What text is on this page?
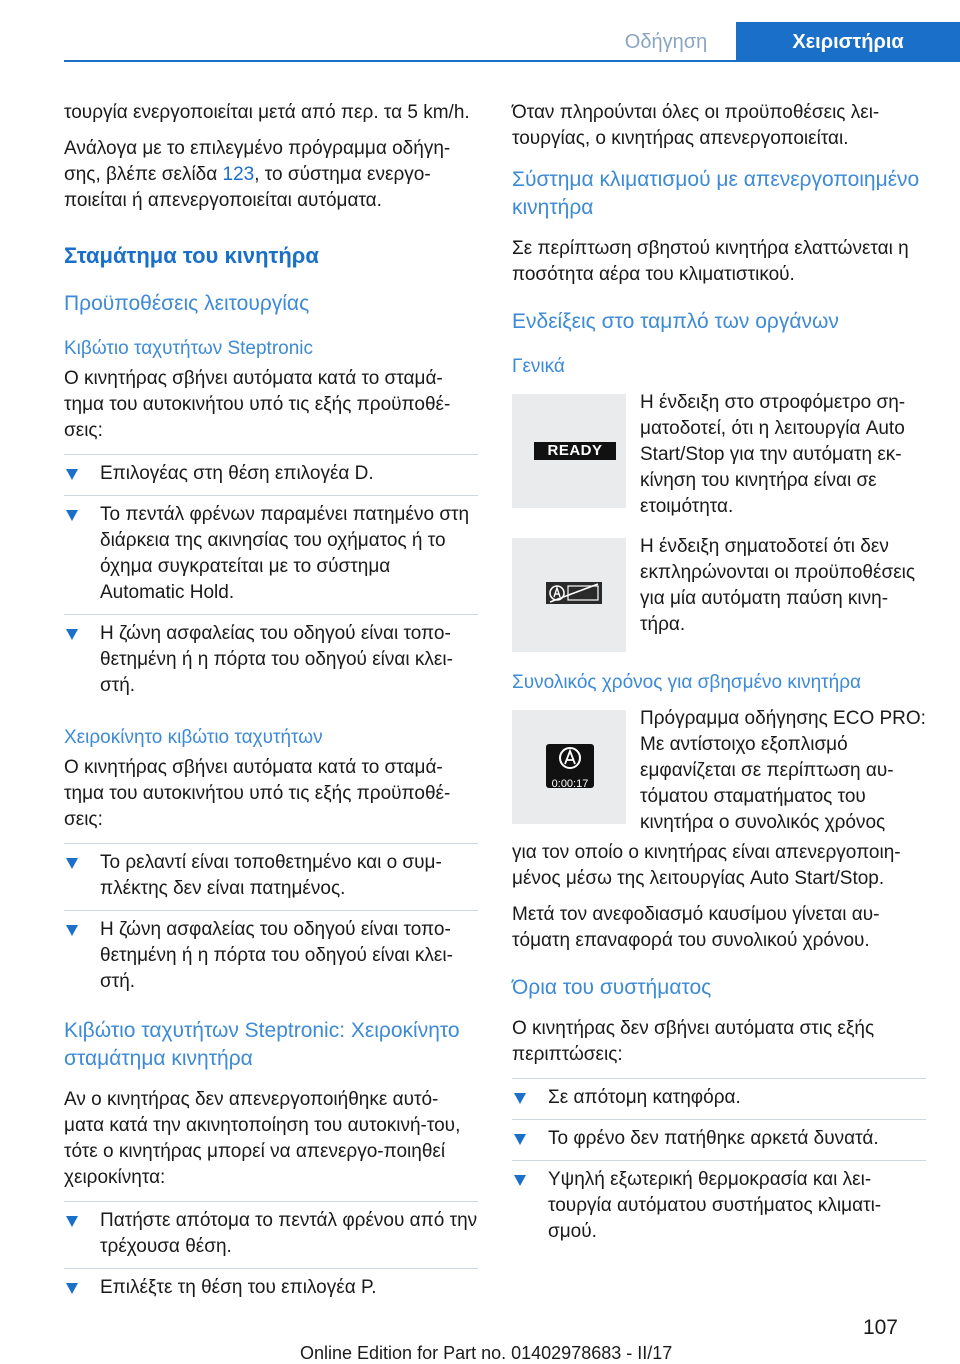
Οδήγηση	Χειριστήρια

τουργία ενεργοποιείται μετά από περ. τα 5 km/h.

Ανάλογα με το επιλεγμένο πρόγραμμα οδήγη‐σης, βλέπε σελίδα 123, το σύστημα ενεργο‐ποιείται ή απενεργοποιείται αυτόματα.

Σταμάτημα του κινητήρα
Προϋποθέσεις λειτουργίας
Κιβώτιο ταχυτήτων Steptronic

Ο κινητήρας σβήνει αυτόματα κατά το σταμά‐τημα του αυτοκινήτου υπό τις εξής προϋποθέ‐σεις:

Επιλογέας στη θέση επιλογέα D.
Το πεντάλ φρένων παραμένει πατημένο στη διάρκεια της ακινησίας του οχήματος ή το όχημα συγκρατείται με το σύστημα Automatic Hold.
Η ζώνη ασφαλείας του οδηγού είναι τοπο‐θετημένη ή η πόρτα του οδηγού είναι κλει‐στή.
Χειροκίνητο κιβώτιο ταχυτήτων

Ο κινητήρας σβήνει αυτόματα κατά το σταμά‐τημα του αυτοκινήτου υπό τις εξής προϋποθέ‐σεις:

Το ρελαντί είναι τοποθετημένο και ο συμ‐πλέκτης δεν είναι πατημένος.
Η ζώνη ασφαλείας του οδηγού είναι τοπο‐θετημένη ή η πόρτα του οδηγού είναι κλει‐στή.
Κιβώτιο ταχυτήτων Steptronic: Χειροκίνητο σταμάτημα κινητήρα

Αν ο κινητήρας δεν απενεργοποιήθηκε αυτό‐ματα κατά την ακινητοποίηση του αυτοκινή‐του, τότε ο κινητήρας μπορεί να απενεργο‐ποιηθεί χειροκίνητα:

Πατήστε απότομα το πεντάλ φρένου από την τρέχουσα θέση.
Επιλέξτε τη θέση του επιλογέα P.

Όταν πληρούνται όλες οι προϋποθέσεις λει‐τουργίας, ο κινητήρας απενεργοποιείται.

Σύστημα κλιματισμού με απενεργοποιημένο κινητήρα

Σε περίπτωση σβηστού κινητήρα ελαττώνεται η ποσότητα αέρα του κλιματιστικού.

Ενδείξεις στο ταμπλό των οργάνων
Γενικά
READY
Η ένδειξη στο στροφόμετρο ση‐ματοδοτεί, ότι η λειτουργία Auto Start/Stop για την αυτόματη εκ‐κίνηση του κινητήρα είναι σε ετοιμότητα.
Η ένδειξη σηματοδοτεί ότι δεν εκπληρώνονται οι προϋποθέσεις για μία αυτόματη παύση κινη‐τήρα.
Συνολικός χρόνος για σβησμένο κινητήρα
0:00:17
Πρόγραμμα οδήγησης ECO PRO: Με αντίστοιχο εξοπλισμό εμφανίζεται σε περίπτωση αυ‐τόματου σταματήματος του κινητήρα ο συνολικός χρόνος

για τον οποίο ο κινητήρας είναι απενεργοποιη‐μένος μέσω της λειτουργίας Auto Start/Stop.

Μετά τον ανεφοδιασμό καυσίμου γίνεται αυ‐τόματη επαναφορά του συνολικού χρόνου.

Όρια του συστήματος

Ο κινητήρας δεν σβήνει αυτόματα στις εξής περιπτώσεις:

Σε απότομη κατηφόρα.
Το φρένο δεν πατήθηκε αρκετά δυνατά.
Υψηλή εξωτερική θερμοκρασία και λει‐τουργία αυτόματου συστήματος κλιματι‐σμού.
107
Online Edition for Part no. 01402978683 - II/17
